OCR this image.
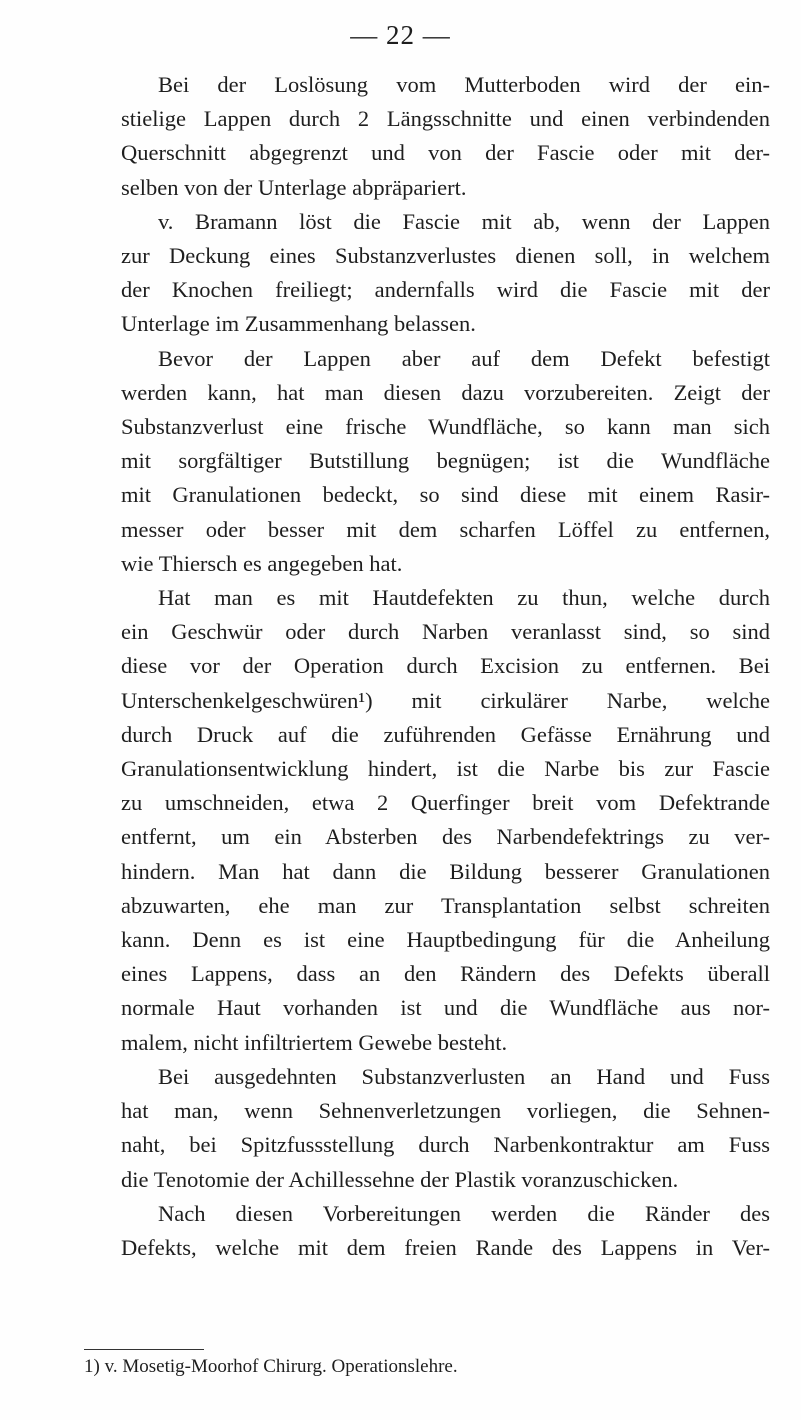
— 22 —
Bei der Loslösung vom Mutterboden wird der ein-
stielige Lappen durch 2 Längsschnitte und einen verbindenden
Querschnitt abgegrenzt und von der Fascie oder mit der-
selben von der Unterlage abpräpariert.
v. Bramann löst die Fascie mit ab, wenn der Lappen
zur Deckung eines Substanzverlustes dienen soll, in welchem
der Knochen freiliegt; andernfalls wird die Fascie mit der
Unterlage im Zusammenhang belassen.
Bevor der Lappen aber auf dem Defekt befestigt
werden kann, hat man diesen dazu vorzubereiten. Zeigt der
Substanzverlust eine frische Wundfläche, so kann man sich
mit sorgfältiger Butstillung begnügen; ist die Wundfläche
mit Granulationen bedeckt, so sind diese mit einem Rasir-
messer oder besser mit dem scharfen Löffel zu entfernen,
wie Thiersch es angegeben hat.
Hat man es mit Hautdefekten zu thun, welche durch
ein Geschwür oder durch Narben veranlasst sind, so sind
diese vor der Operation durch Excision zu entfernen. Bei
Unterschenkelgeschwüren¹) mit cirkulärer Narbe, welche
durch Druck auf die zuführenden Gefässe Ernährung und
Granulationsentwicklung hindert, ist die Narbe bis zur Fascie
zu umschneiden, etwa 2 Querfinger breit vom Defektrande
entfernt, um ein Absterben des Narbendefektrings zu ver-
hindern. Man hat dann die Bildung besserer Granulationen
abzuwarten, ehe man zur Transplantation selbst schreiten
kann. Denn es ist eine Hauptbedingung für die Anheilung
eines Lappens, dass an den Rändern des Defekts überall
normale Haut vorhanden ist und die Wundfläche aus nor-
malem, nicht infiltriertem Gewebe besteht.
Bei ausgedehnten Substanzverlusten an Hand und Fuss
hat man, wenn Sehnenverletzungen vorliegen, die Sehnen-
naht, bei Spitzfussstellung durch Narbenkontraktur am Fuss
die Tenotomie der Achillessehne der Plastik voranzuschicken.
Nach diesen Vorbereitungen werden die Ränder des
Defekts, welche mit dem freien Rande des Lappens in Ver-
1) v. Mosetig-Moorhof Chirurg. Operationslehre.
